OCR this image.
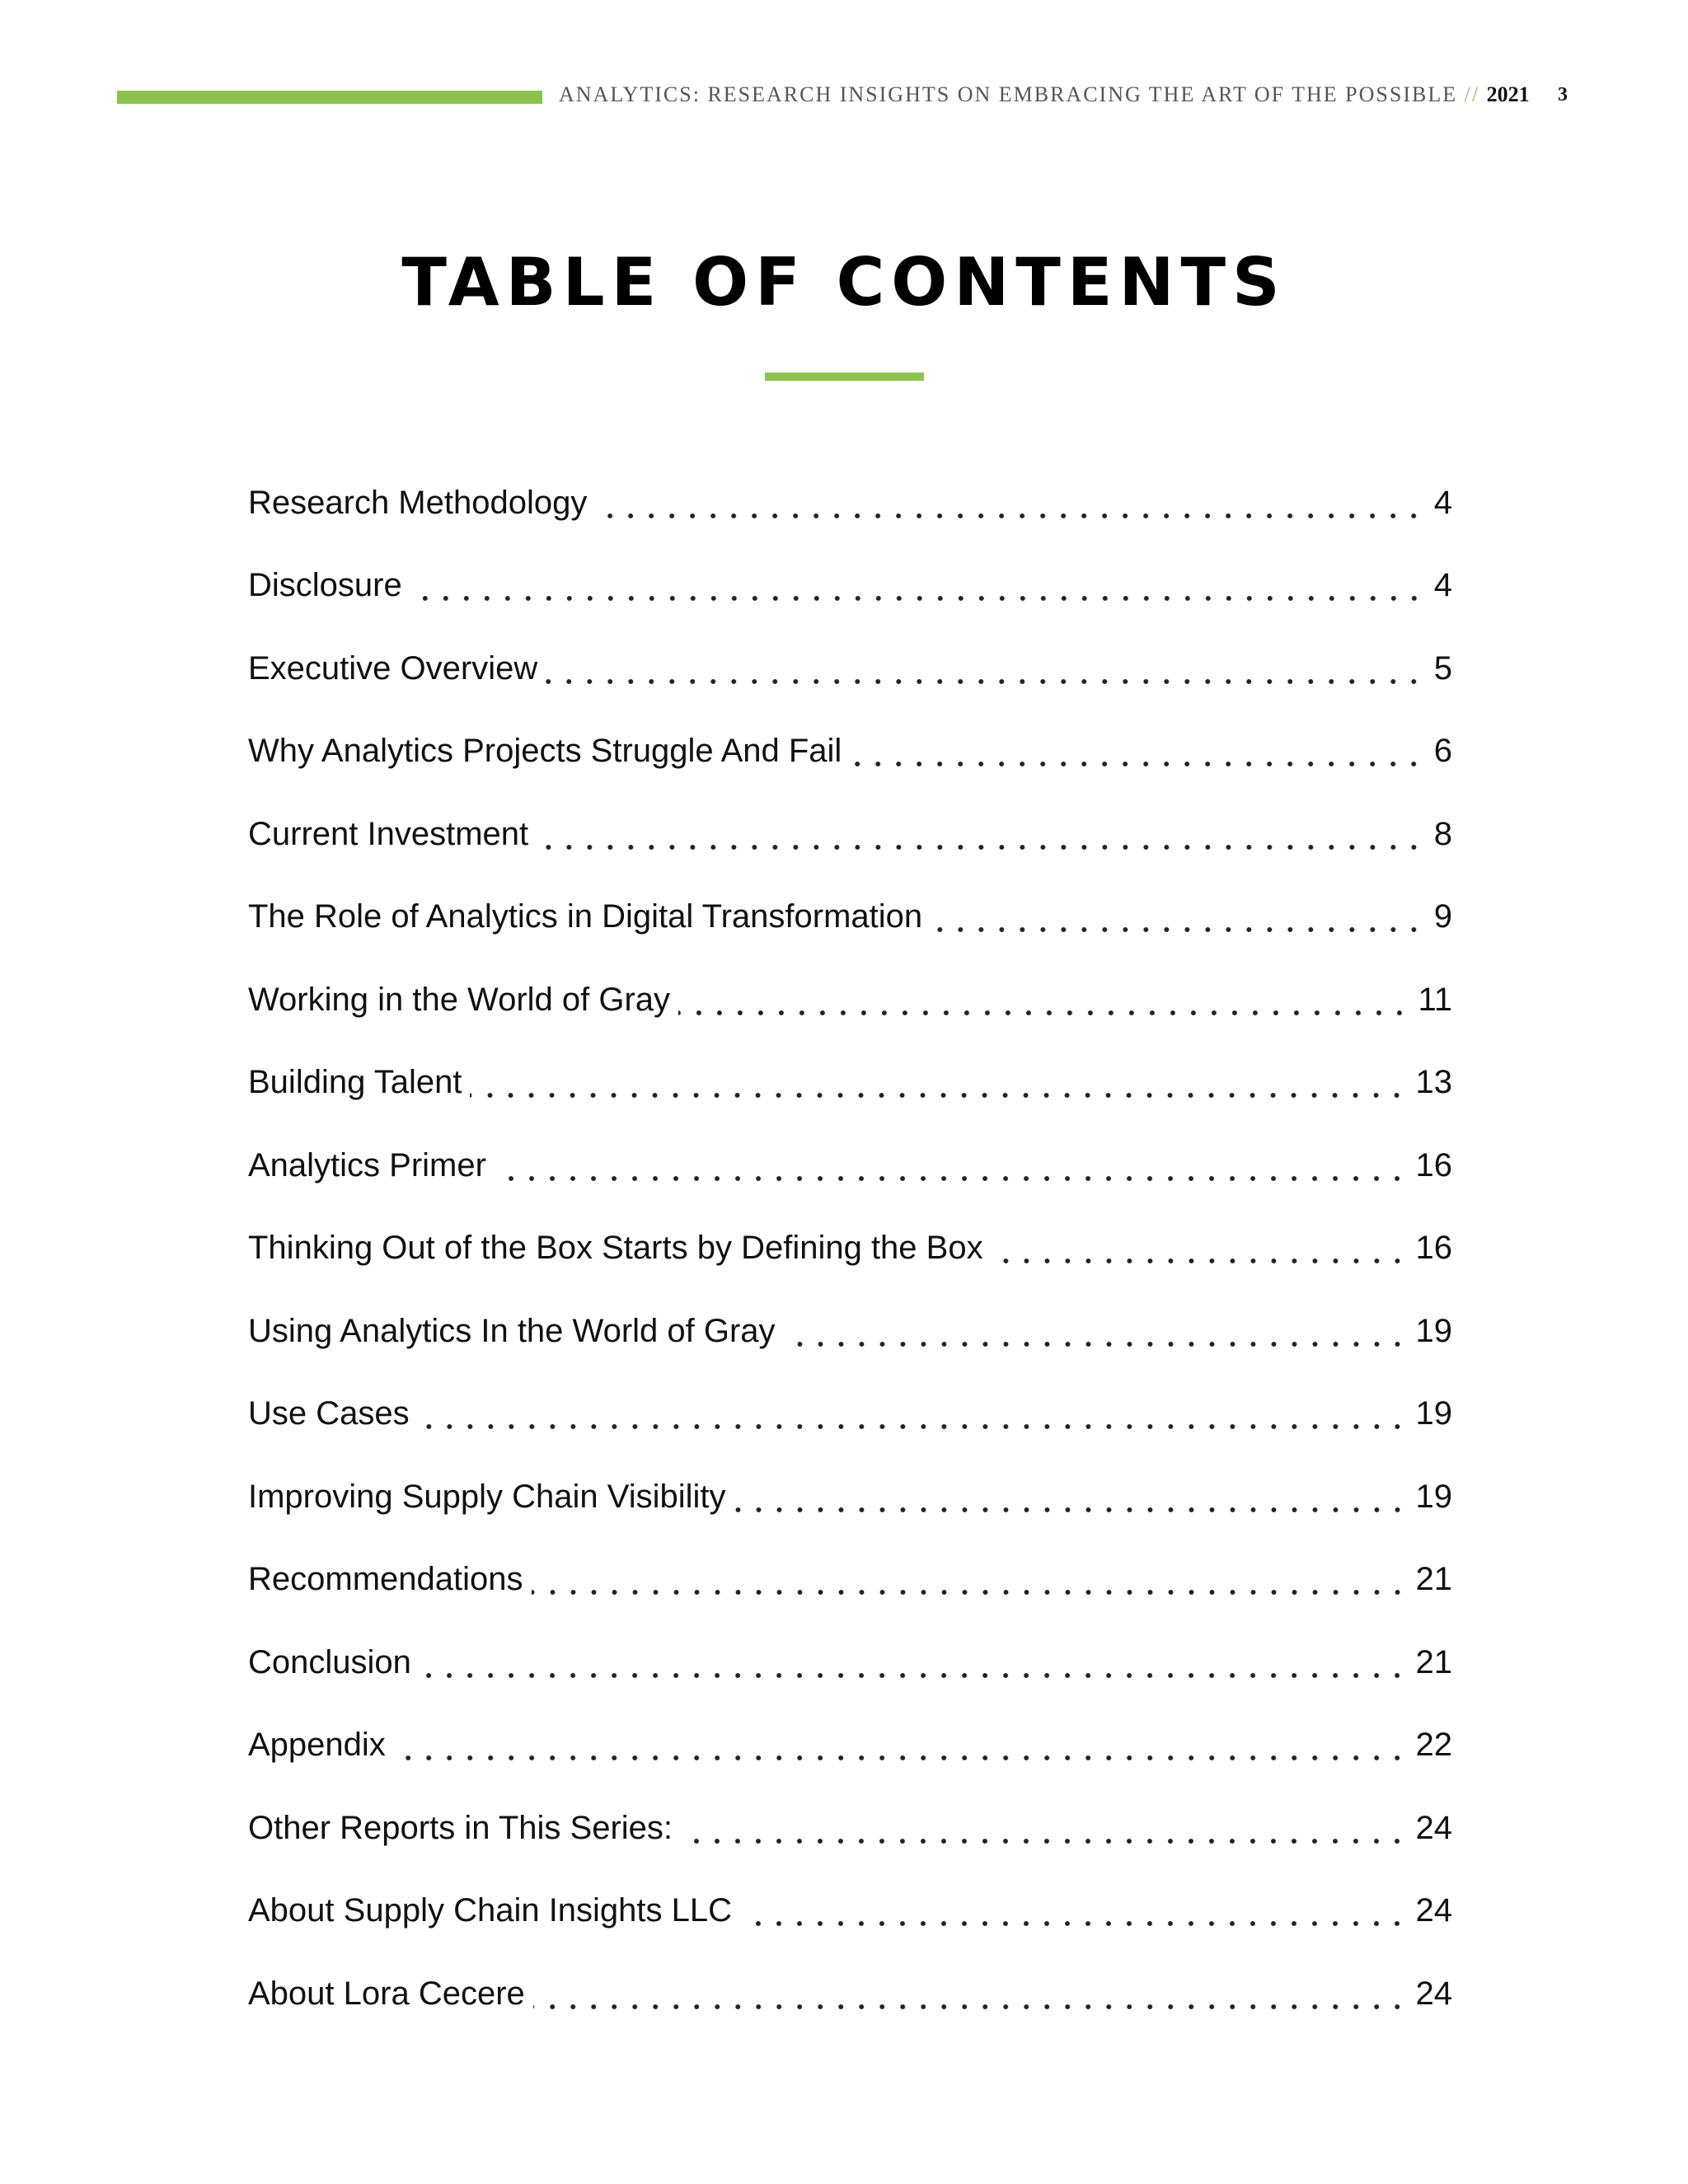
ANALYTICS: RESEARCH INSIGHTS ON EMBRACING THE ART OF THE POSSIBLE // 2021 3
TABLE OF CONTENTS
Research Methodology	4
Disclosure	4
Executive Overview	5
Why Analytics Projects Struggle And Fail	6
Current Investment	8
The Role of Analytics in Digital Transformation	9
Working in the World of Gray	11
Building Talent	13
Analytics Primer	16
Thinking Out of the Box Starts by Defining the Box	16
Using Analytics In the World of Gray	19
Use Cases	19
Improving Supply Chain Visibility	19
Recommendations	21
Conclusion	21
Appendix	22
Other Reports in This Series:	24
About Supply Chain Insights LLC	24
About Lora Cecere	24
